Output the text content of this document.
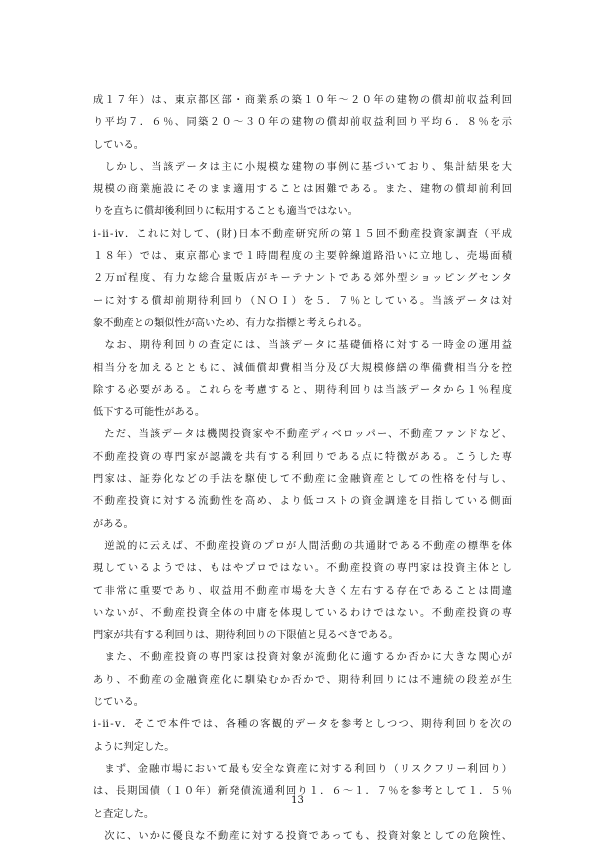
成１７年）は、東京都区部・商業系の築１０年～２０年の建物の償却前収益利回
り平均７．６％、同築２０～３０年の建物の償却前収益利回り平均６．８％を示
している。
　しかし、当該データは主に小規模な建物の事例に基づいており、集計結果を大
規模の商業施設にそのまま適用することは困難である。また、建物の償却前利回
りを直ちに償却後利回りに転用することも適当ではない。
ⅰ-ⅱ-ⅳ．これに対して、(財)日本不動産研究所の第１５回不動産投資家調査（平成
１８年）では、東京都心まで１時間程度の主要幹線道路沿いに立地し、売場面積
２万㎡程度、有力な総合量販店がキーテナントである郊外型ショッピングセンタ
ーに対する償却前期待利回り（ＮＯＩ）を５．７％としている。当該データは対
象不動産との類似性が高いため、有力な指標と考えられる。
　なお、期待利回りの査定には、当該データに基礎価格に対する一時金の運用益
相当分を加えるとともに、減価償却費相当分及び大規模修繕の準備費相当分を控
除する必要がある。これらを考慮すると、期待利回りは当該データから１％程度
低下する可能性がある。
　ただ、当該データは機関投資家や不動産ディベロッパー、不動産ファンドなど、
不動産投資の専門家が認識を共有する利回りである点に特徴がある。こうした専
門家は、証券化などの手法を駆使して不動産に金融資産としての性格を付与し、
不動産投資に対する流動性を高め、より低コストの資金調達を目指している側面
がある。
　逆説的に云えば、不動産投資のプロが人間活動の共通財である不動産の標準を体
現しているようでは、もはやプロではない。不動産投資の専門家は投資主体とし
て非常に重要であり、収益用不動産市場を大きく左右する存在であることは間違
いないが、不動産投資全体の中庸を体現しているわけではない。不動産投資の専
門家が共有する利回りは、期待利回りの下限値と見るべきである。
　また、不動産投資の専門家は投資対象が流動化に適するか否かに大きな関心が
あり、不動産の金融資産化に馴染むか否かで、期待利回りには不連続の段差が生
じている。
ⅰ-ⅱ-ⅴ．そこで本件では、各種の客観的データを参考としつつ、期待利回りを次の
ように判定した。
　まず、金融市場において最も安全な資産に対する利回り（リスクフリー利回り）
は、長期国債（１０年）新発債流通利回り１．６～１．７％を参考として１．５％
と査定した。
　次に、いかに優良な不動産に対する投資であっても、投資対象としての危険性、
13
